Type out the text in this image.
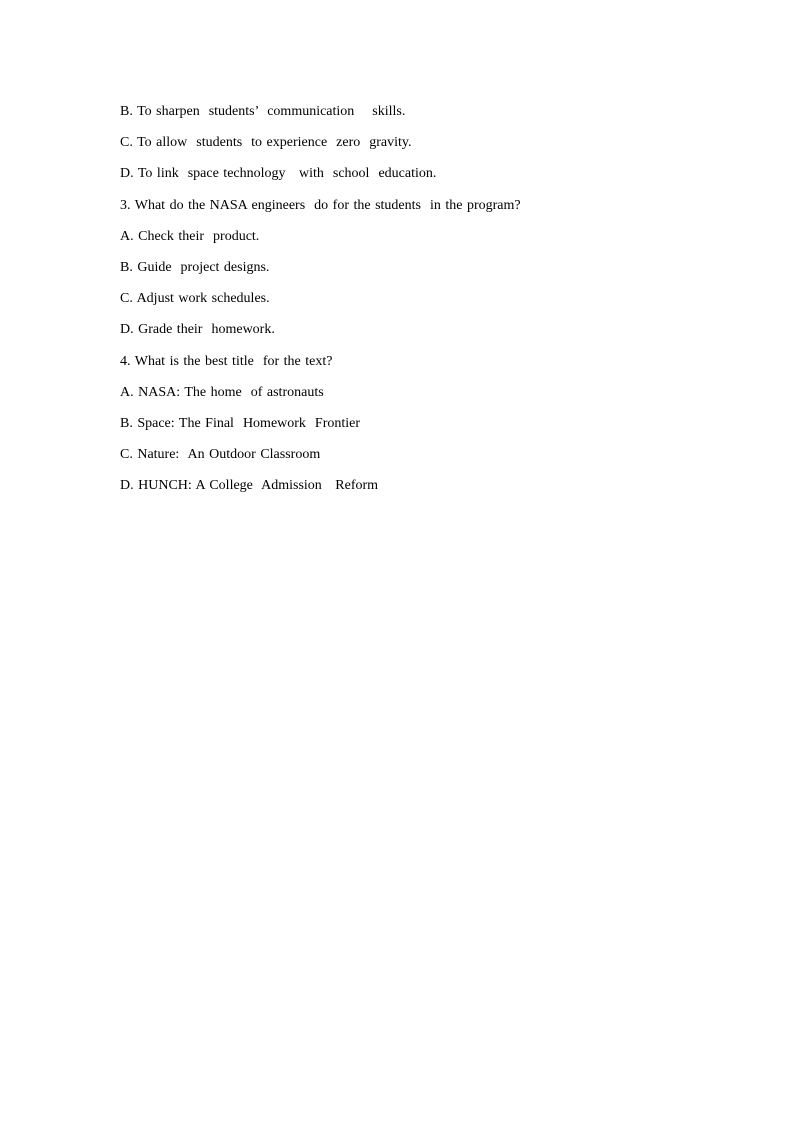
B. To sharpen  students’  communication    skills.
C. To allow  students  to experience  zero  gravity.
D. To link  space technology   with  school  education.
3. What do the NASA engineers  do for the students  in the program?
A. Check their  product.
B. Guide  project designs.
C. Adjust work schedules.
D. Grade their  homework.
4. What is the best title  for the text?
A. NASA: The home  of astronauts
B. Space: The Final  Homework  Frontier
C. Nature:  An Outdoor Classroom
D. HUNCH: A College  Admission   Reform
